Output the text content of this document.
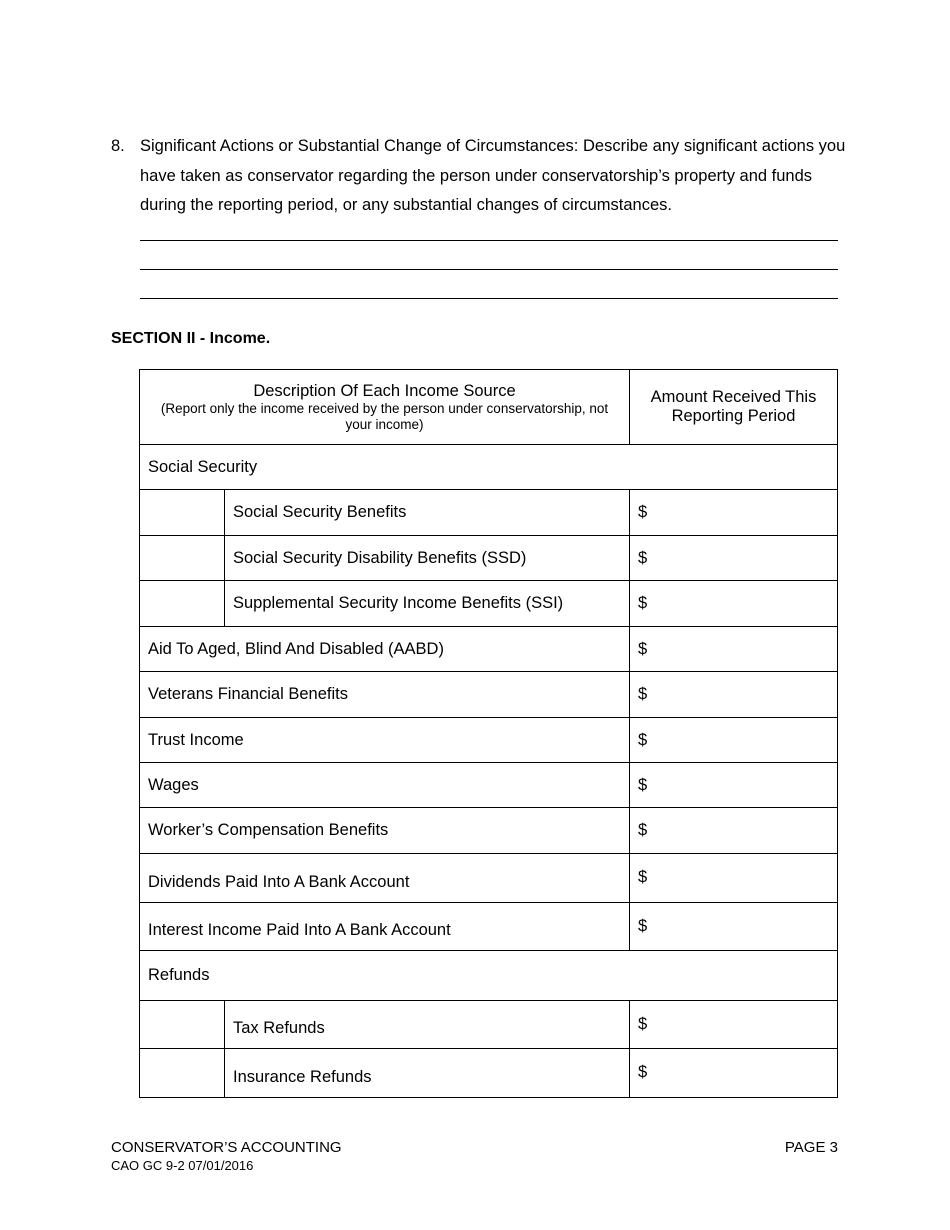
8. Significant Actions or Substantial Change of Circumstances: Describe any significant actions you have taken as conservator regarding the person under conservatorship’s property and funds during the reporting period, or any substantial changes of circumstances.
SECTION II - Income.
Description Of Each Income Source
(Report only the income received by the person under conservatorship, not your income)
Amount Received This Reporting Period
Social Security
Social Security Benefits	$
Social Security Disability Benefits (SSD)	$
Supplemental Security Income Benefits (SSI)	$
Aid To Aged, Blind And Disabled (AABD)	$
Veterans Financial Benefits	$
Trust Income	$
Wages	$
Worker’s Compensation Benefits	$
Dividends Paid Into A Bank Account	$
Interest Income Paid Into A Bank Account	$
Refunds
Tax Refunds	$
Insurance Refunds	$
CONSERVATOR’S ACCOUNTING
CAO GC 9-2 07/01/2016
PAGE 3
